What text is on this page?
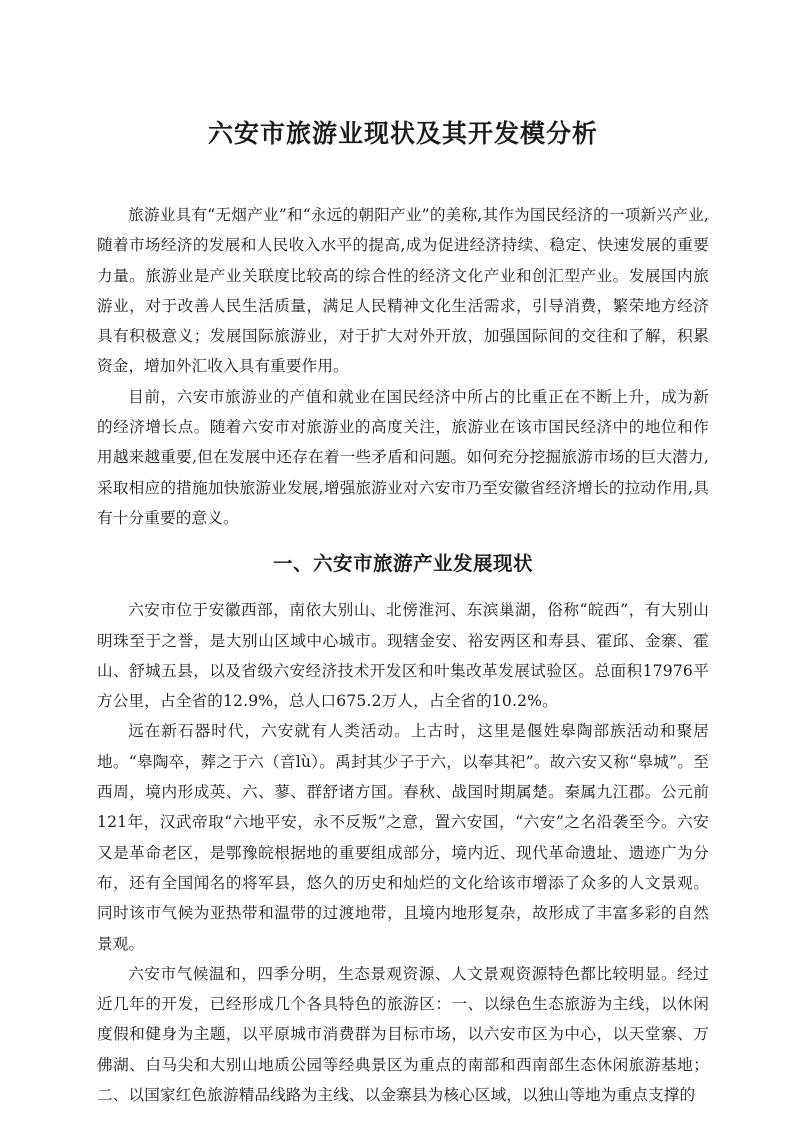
六安市旅游业现状及其开发模分析

旅游业具有“无烟产业”和“永远的朝阳产业”的美称,其作为国民经济的一项新兴产业,随着市场经济的发展和人民收入水平的提高,成为促进经济持续、稳定、快速发展的重要力量。旅游业是产业关联度比较高的综合性的经济文化产业和创汇型产业。发展国内旅游业，对于改善人民生活质量，满足人民精神文化生活需求，引导消费，繁荣地方经济具有积极意义；发展国际旅游业，对于扩大对外开放，加强国际间的交往和了解，积累资金，增加外汇收入具有重要作用。

目前，六安市旅游业的产值和就业在国民经济中所占的比重正在不断上升，成为新的经济增长点。随着六安市对旅游业的高度关注，旅游业在该市国民经济中的地位和作用越来越重要,但在发展中还存在着一些矛盾和问题。如何充分挖掘旅游市场的巨大潜力,采取相应的措施加快旅游业发展,增强旅游业对六安市乃至安徽省经济增长的拉动作用,具有十分重要的意义。

一、六安市旅游产业发展现状

六安市位于安徽西部，南依大别山、北傍淮河、东滨巢湖，俗称“皖西”，有大别山明珠至于之誉，是大别山区域中心城市。现辖金安、裕安两区和寿县、霍邱、金寨、霍山、舒城五县，以及省级六安经济技术开发区和叶集改革发展试验区。总面积17976平方公里，占全省的12.9%，总人口675.2万人，占全省的10.2%。

远在新石器时代，六安就有人类活动。上古时，这里是偃姓皋陶部族活动和聚居地。“皋陶卒，葬之于六（音lù）。禹封其少子于六，以奉其祀”。故六安又称“皋城”。至西周，境内形成英、六、蓼、群舒诸方国。春秋、战国时期属楚。秦属九江郡。公元前 121年，汉武帝取“六地平安，永不反叛”之意，置六安国，“六安”之名沿袭至今。六安又是革命老区，是鄂豫皖根据地的重要组成部分，境内近、现代革命遗址、遗迹广为分布，还有全国闻名的将军县，悠久的历史和灿烂的文化给该市增添了众多的人文景观。同时该市气候为亚热带和温带的过渡地带，且境内地形复杂，故形成了丰富多彩的自然景观。

六安市气候温和，四季分明，生态景观资源、人文景观资源特色都比较明显。经过近几年的开发，已经形成几个各具特色的旅游区：一、以绿色生态旅游为主线，以休闲度假和健身为主题，以平原城市消费群为目标市场，以六安市区为中心，以天堂寨、万佛湖、白马尖和大别山地质公园等经典景区为重点的南部和西南部生态休闲旅游基地；二、以国家红色旅游精品线路为主线、以金寨县为核心区域，以独山等地为重点支撑的
